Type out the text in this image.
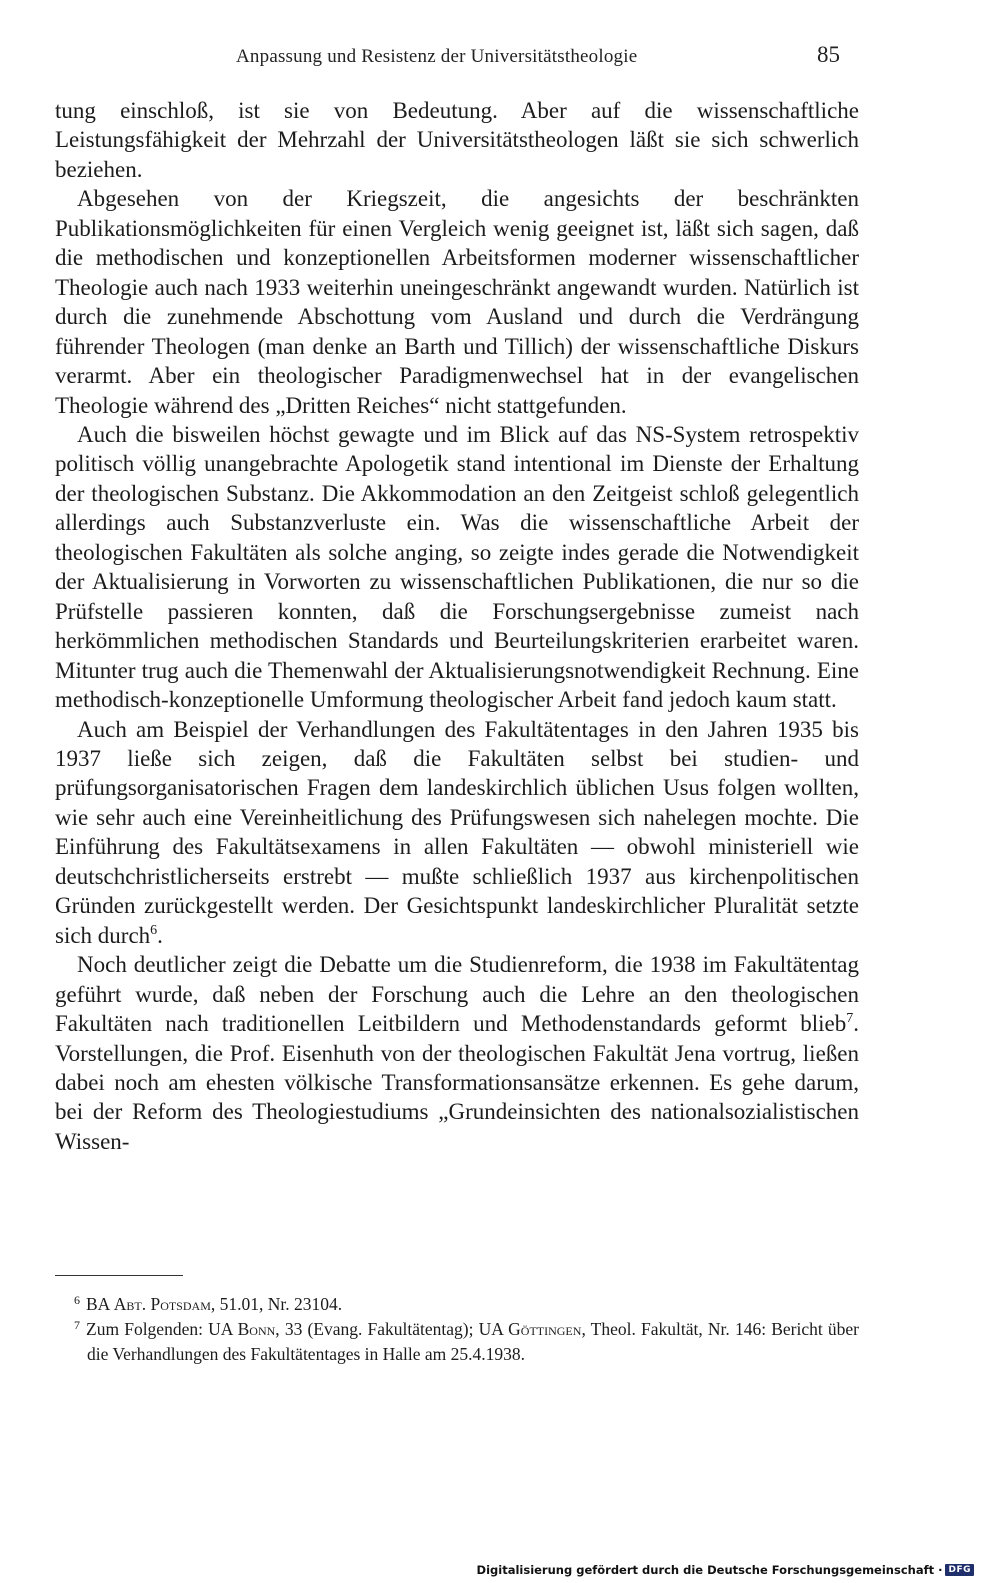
Anpassung und Resistenz der Universitätstheologie	85

tung einschloß, ist sie von Bedeutung. Aber auf die wissenschaftliche Leistungsfähigkeit der Mehrzahl der Universitätstheologen läßt sie sich schwerlich beziehen.

Abgesehen von der Kriegszeit, die angesichts der beschränkten Publikationsmöglichkeiten für einen Vergleich wenig geeignet ist, läßt sich sagen, daß die methodischen und konzeptionellen Arbeitsformen moderner wissenschaftlicher Theologie auch nach 1933 weiterhin uneingeschränkt angewandt wurden. Natürlich ist durch die zunehmende Abschottung vom Ausland und durch die Verdrängung führender Theologen (man denke an Barth und Tillich) der wissenschaftliche Diskurs verarmt. Aber ein theologischer Paradigmenwechsel hat in der evangelischen Theologie während des „Dritten Reiches“ nicht stattgefunden.

Auch die bisweilen höchst gewagte und im Blick auf das NS-System retrospektiv politisch völlig unangebrachte Apologetik stand intentional im Dienste der Erhaltung der theologischen Substanz. Die Akkommodation an den Zeitgeist schloß gelegentlich allerdings auch Substanzverluste ein. Was die wissenschaftliche Arbeit der theologischen Fakultäten als solche anging, so zeigte indes gerade die Notwendigkeit der Aktualisierung in Vorworten zu wissenschaftlichen Publikationen, die nur so die Prüfstelle passieren konnten, daß die Forschungsergebnisse zumeist nach herkömmlichen methodischen Standards und Beurteilungskriterien erarbeitet waren. Mitunter trug auch die Themenwahl der Aktualisierungsnotwendigkeit Rechnung. Eine methodisch-konzeptionelle Umformung theologischer Arbeit fand jedoch kaum statt.

Auch am Beispiel der Verhandlungen des Fakultätentages in den Jahren 1935 bis 1937 ließe sich zeigen, daß die Fakultäten selbst bei studien- und prüfungsorganisatorischen Fragen dem landeskirchlich üblichen Usus folgen wollten, wie sehr auch eine Vereinheitlichung des Prüfungswesen sich nahelegen mochte. Die Einführung des Fakultätsexamens in allen Fakultäten — obwohl ministeriell wie deutschchristlicherseits erstrebt — mußte schließlich 1937 aus kirchenpolitischen Gründen zurückgestellt werden. Der Gesichtspunkt landeskirchlicher Pluralität setzte sich durch$^6$.

Noch deutlicher zeigt die Debatte um die Studienreform, die 1938 im Fakultätentag geführt wurde, daß neben der Forschung auch die Lehre an den theologischen Fakultäten nach traditionellen Leitbildern und Methodenstandards geformt blieb$^7$. Vorstellungen, die Prof. Eisenhuth von der theologischen Fakultät Jena vortrug, ließen dabei noch am ehesten völkische Transformationsansätze erkennen. Es gehe darum, bei der Reform des Theologiestudiums „Grundeinsichten des nationalsozialistischen Wissen-

$^6$ BA Abt. Potsdam, 51.01, Nr. 23104.

$^7$ Zum Folgenden: UA Bonn, 33 (Evang. Fakultätentag); UA Göttingen, Theol. Fakultät, Nr. 146: Bericht über die Verhandlungen des Fakultätentages in Halle am 25.4.1938.

Digitalisierung gefördert durch die Deutsche Forschungsgemeinschaft · DFG
